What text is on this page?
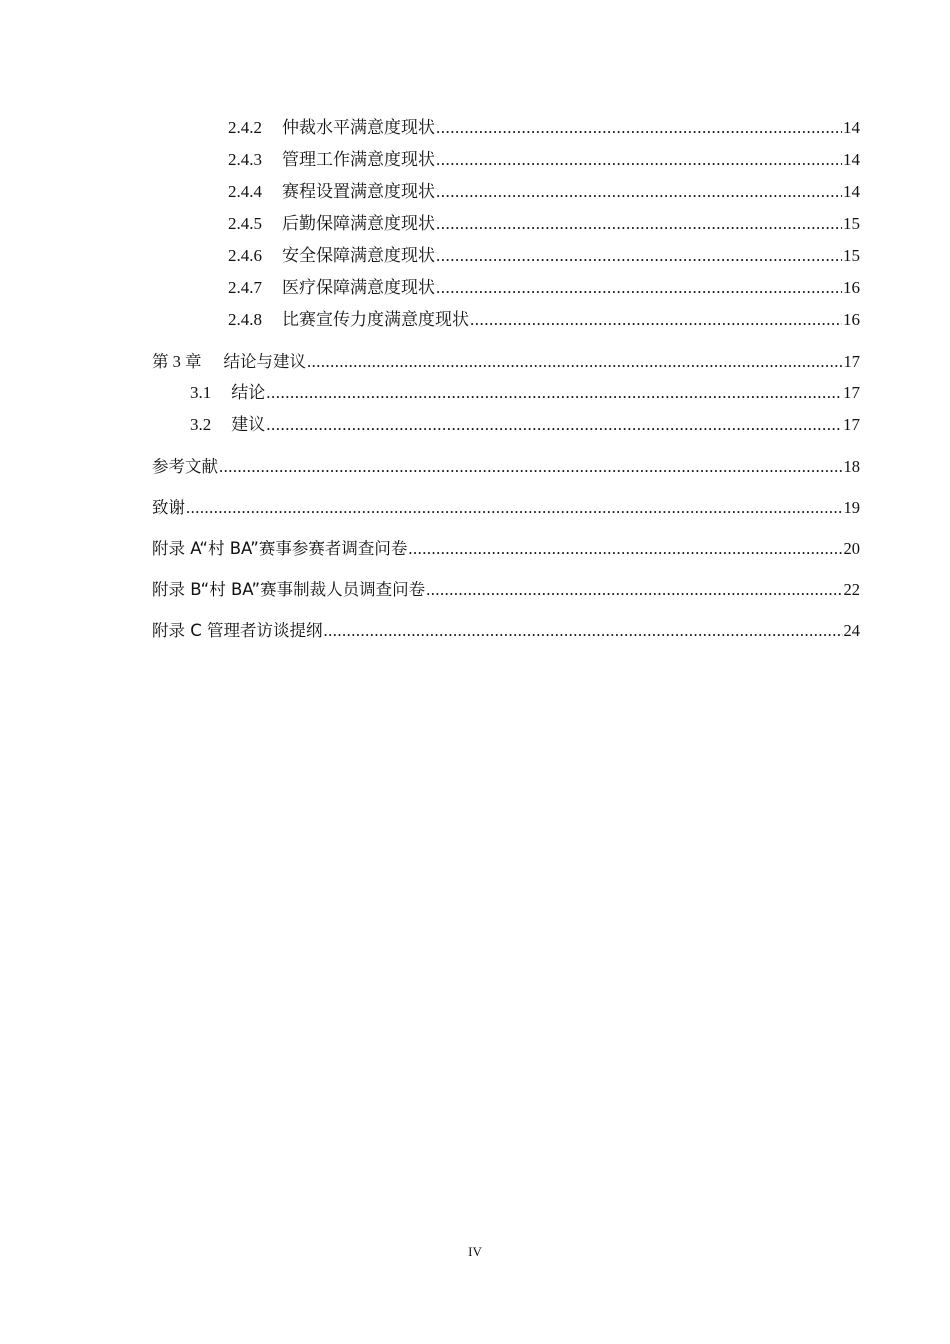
2.4.2 仲裁水平满意度现状 .....	14
2.4.3 管理工作满意度现状 .....	14
2.4.4 赛程设置满意度现状 .....	14
2.4.5 后勤保障满意度现状 .....	15
2.4.6 安全保障满意度现状 .....	15
2.4.7 医疗保障满意度现状 .....	16
2.4.8 比赛宣传力度满意度现状 .....	16
第 3 章 结论与建议 .....	17
3.1 结论 .....	17
3.2 建议 .....	17
参考文献 .....	18
致谢 .....	19
附录 A“村 BA”赛事参赛者调查问卷 .....	20
附录 B“村 BA”赛事制裁人员调查问卷 .....	22
附录 C 管理者访谈提纲 .....	24
IV
